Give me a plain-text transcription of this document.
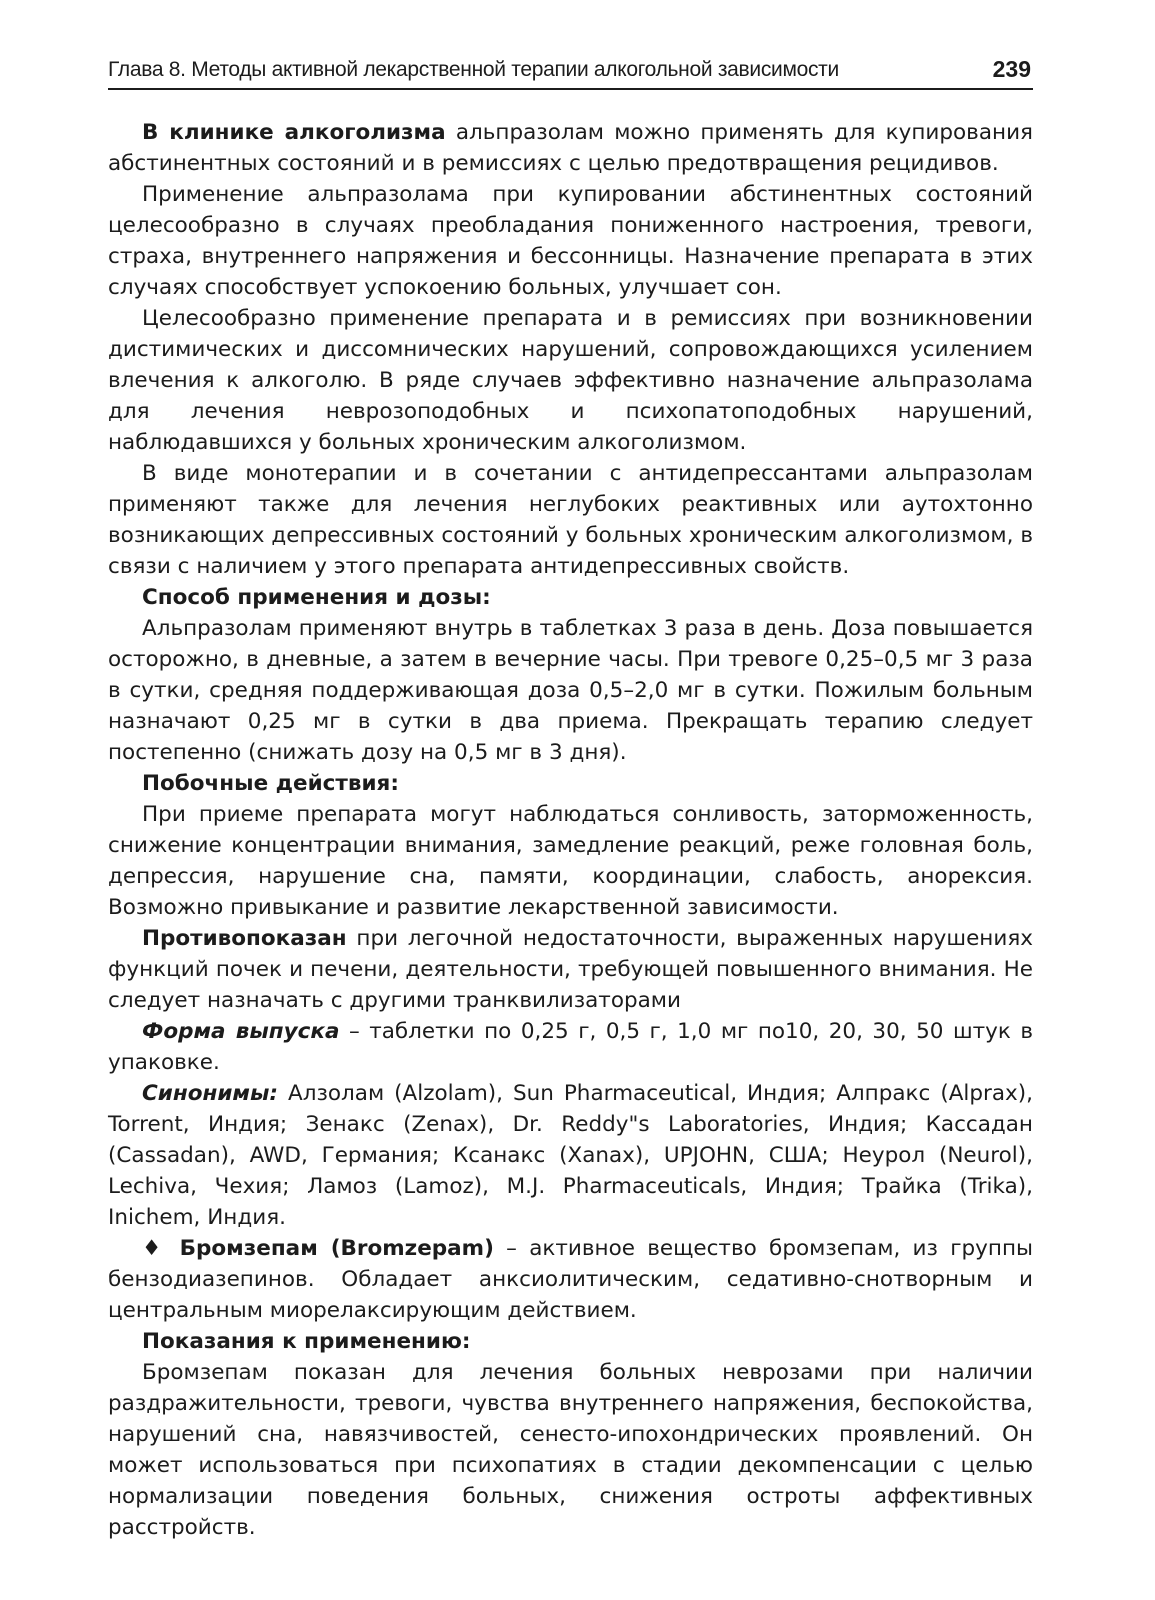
Глава 8. Методы активной лекарственной терапии алкогольной зависимости	239

В клинике алкоголизма альпразолам можно применять для купирования абстинентных состояний и в ремиссиях с целью предотвращения рецидивов.

Применение альпразолама при купировании абстинентных состояний целесообразно в случаях преобладания пониженного настроения, тревоги, страха, внутреннего напряжения и бессонницы. Назначение препарата в этих случаях способствует успокоению больных, улучшает сон.

Целесообразно применение препарата и в ремиссиях при возникновении дистимических и диссомнических нарушений, сопровождающихся усилением влечения к алкоголю. В ряде случаев эффективно назначение альпразолама для лечения неврозоподобных и психопатоподобных нарушений, наблюдавшихся у больных хроническим алкоголизмом.

В виде монотерапии и в сочетании с антидепрессантами альпразолам применяют также для лечения неглубоких реактивных или аутохтонно возникающих депрессивных состояний у больных хроническим алкоголизмом, в связи с наличием у этого препарата антидепрессивных свойств.

Способ применения и дозы:

Альпразолам применяют внутрь в таблетках 3 раза в день. Доза повышается осторожно, в дневные, а затем в вечерние часы. При тревоге 0,25–0,5 мг 3 раза в сутки, средняя поддерживающая доза 0,5–2,0 мг в сутки. Пожилым больным назначают 0,25 мг в сутки в два приема. Прекращать терапию следует постепенно (снижать дозу на 0,5 мг в 3 дня).

Побочные действия:

При приеме препарата могут наблюдаться сонливость, заторможенность, снижение концентрации внимания, замедление реакций, реже головная боль, депрессия, нарушение сна, памяти, координации, слабость, анорексия. Возможно привыкание и развитие лекарственной зависимости.

Противопоказан при легочной недостаточности, выраженных нарушениях функций почек и печени, деятельности, требующей повышенного внимания. Не следует назначать с другими транквилизаторами

Форма выпуска – таблетки по 0,25 г, 0,5 г, 1,0 мг по10, 20, 30, 50 штук в упаковке.

Синонимы: Алзолам (Alzolam), Sun Pharmaceutical, Индия; Алпракс (Alprax), Torrent, Индия; Зенакс (Zenax), Dr. Reddy"s Laboratories, Индия; Кассадан (Cassadan), AWD, Германия; Ксанакс (Xanax), UPJOHN, США; Неурол (Neurol), Lechiva, Чехия; Ламоз (Lamoz), M.J. Pharmaceuticals, Индия; Трайка (Trika), Inichem, Индия.

♦ Бромзепам (Bromzepam) – активное вещество бромзепам, из группы бензодиазепинов. Обладает анксиолитическим, седативно-снотворным и центральным миорелаксирующим действием.

Показания к применению:

Бромзепам показан для лечения больных неврозами при наличии раздражительности, тревоги, чувства внутреннего напряжения, беспокойства, нарушений сна, навязчивостей, сенесто-ипохондрических проявлений. Он может использоваться при психопатиях в стадии декомпенсации с целью нормализации поведения больных, снижения остроты аффективных расстройств.
